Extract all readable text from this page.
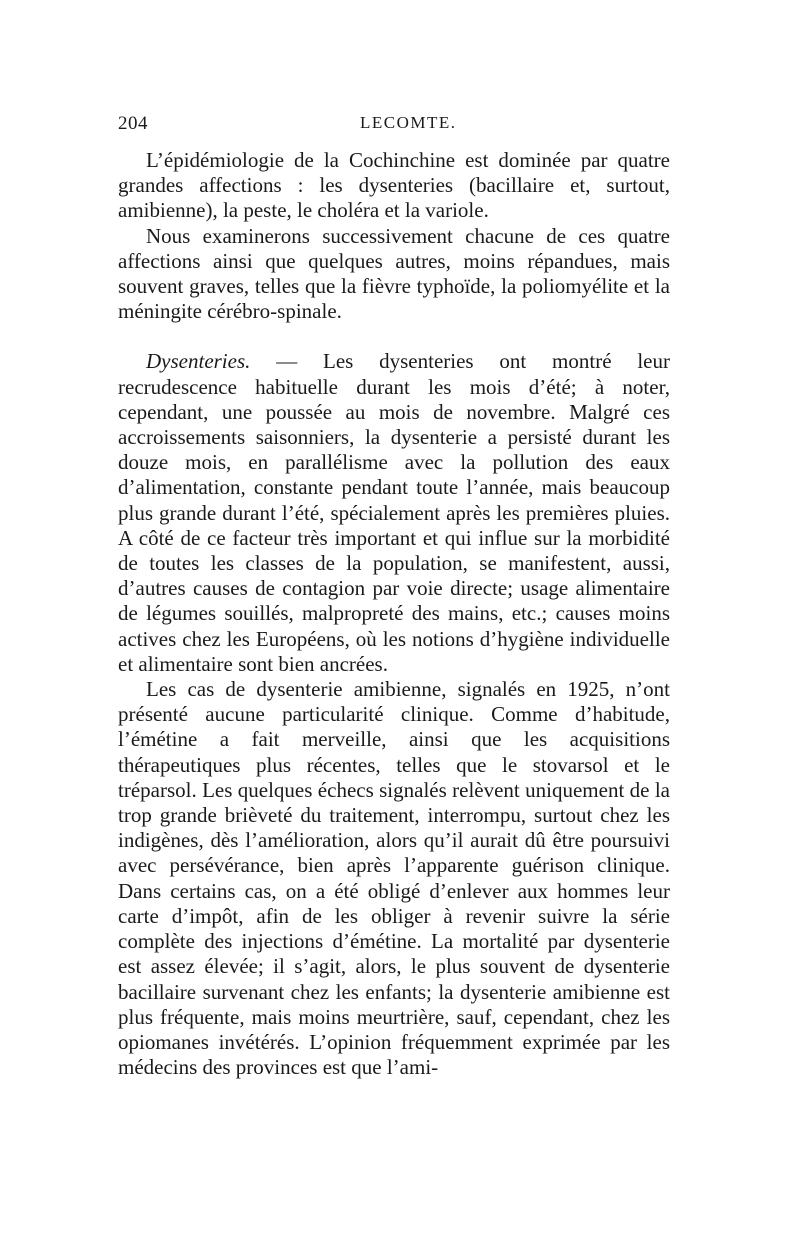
204	LECOMTE.

L’épidémiologie de la Cochinchine est dominée par quatre grandes affections : les dysenteries (bacillaire et, surtout, amibienne), la peste, le choléra et la variole.

Nous examinerons successivement chacune de ces quatre affections ainsi que quelques autres, moins répandues, mais souvent graves, telles que la fièvre typhoïde, la poliomyélite et la méningite cérébro-spinale.

Dysenteries. — Les dysenteries ont montré leur recrudescence habituelle durant les mois d’été; à noter, cependant, une poussée au mois de novembre. Malgré ces accroissements saisonniers, la dysenterie a persisté durant les douze mois, en parallélisme avec la pollution des eaux d’alimentation, constante pendant toute l’année, mais beaucoup plus grande durant l’été, spécialement après les premières pluies. A côté de ce facteur très important et qui influe sur la morbidité de toutes les classes de la population, se manifestent, aussi, d’autres causes de contagion par voie directe; usage alimentaire de légumes souillés, malpropreté des mains, etc.; causes moins actives chez les Européens, où les notions d’hygiène individuelle et alimentaire sont bien ancrées.

Les cas de dysenterie amibienne, signalés en 1925, n’ont présenté aucune particularité clinique. Comme d’habitude, l’émétine a fait merveille, ainsi que les acquisitions thérapeutiques plus récentes, telles que le stovarsol et le tréparsol. Les quelques échecs signalés relèvent uniquement de la trop grande brièveté du traitement, interrompu, surtout chez les indigènes, dès l’amélioration, alors qu’il aurait dû être poursuivi avec persévérance, bien après l’apparente guérison clinique. Dans certains cas, on a été obligé d’enlever aux hommes leur carte d’impôt, afin de les obliger à revenir suivre la série complète des injections d’émétine. La mortalité par dysenterie est assez élevée; il s’agit, alors, le plus souvent de dysenterie bacillaire survenant chez les enfants; la dysenterie amibienne est plus fréquente, mais moins meurtrière, sauf, cependant, chez les opiomanes invétérés. L’opinion fréquemment exprimée par les médecins des provinces est que l’ami-
